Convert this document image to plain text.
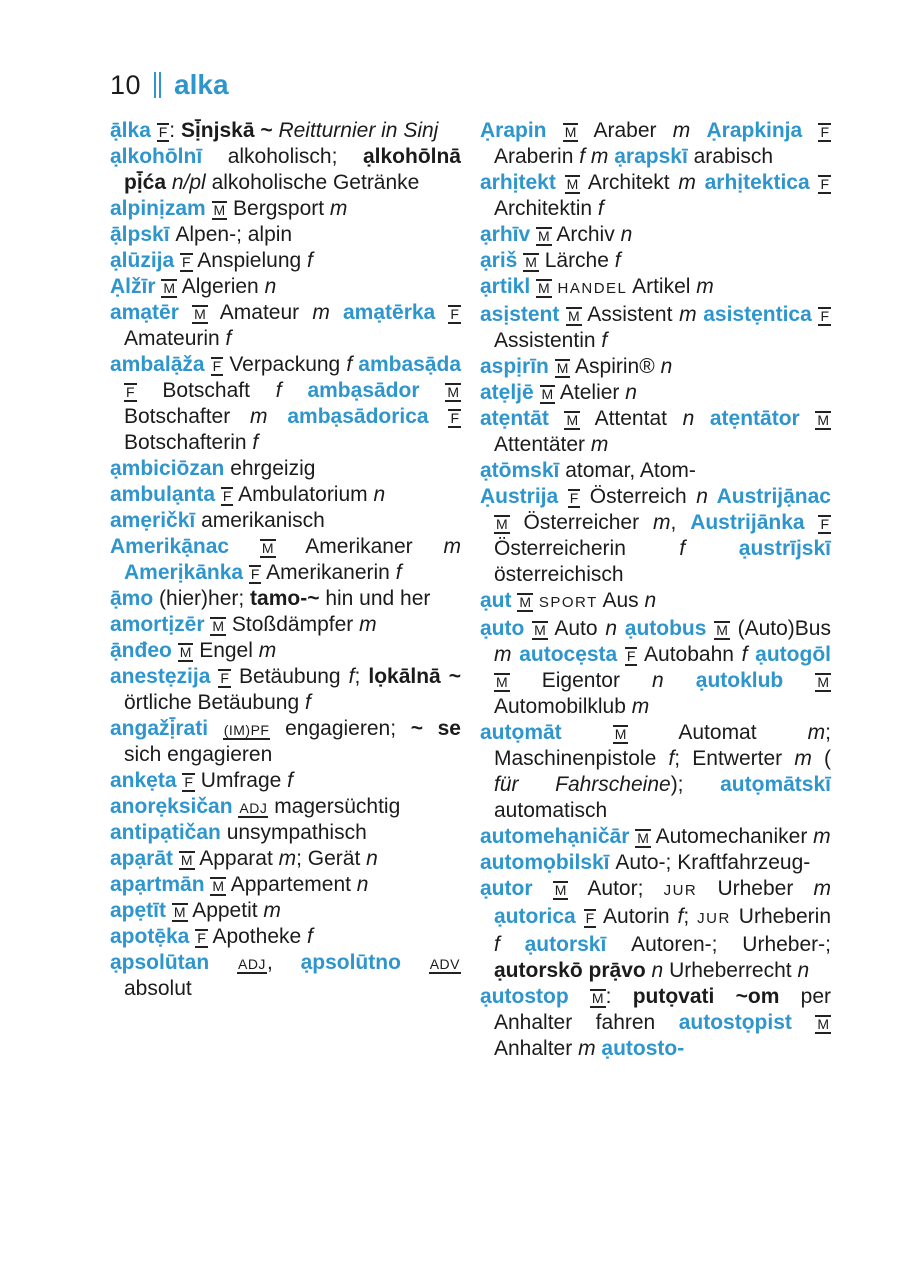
10 alka

ạ̄lka F: Sị̄njskā ~ Reitturnier in Sinj

ạlkohōlnī alkoholisch; ạlkohōlnā pị̄ća n/pl alkoholische Getränke

alpinịzam M Bergsport m

ạ̄lpskī Alpen-; alpin

ạlūzija F Anspielung f

Ạlžīr M Algerien n

amạtēr M Amateur m amạtērka F Amateurin f

ambalạ̄ža F Verpackung f ambasạ̄da F Botschaft f ambạsādor M Botschafter m ambạsādorica F Botschafterin f

ạmbiciōzan ehrgeizig

ambulạnta F Ambulatorium n

amẹričkī amerikanisch

Amerikạ̄nac M Amerikaner m Amerịkānka F Amerikanerin f

ạ̄mo (hier)her; tamo-~ hin und her

amortịzēr M Stoßdämpfer m

ạ̄nđeo M Engel m

anestẹzija F Betäubung f; lọkālnā ~ örtliche Betäubung f

angažị̄rati (IM)PF engagieren; ~ se sich engagieren

ankẹta F Umfrage f

anorẹksičan ADJ magersüchtig

antipạtičan unsympathisch

apạrāt M Apparat m; Gerät n

apạrtmān M Appartement n

apẹtīt M Appetit m

apotẹ̄ka F Apotheke f

ạpsolūtan ADJ, ạpsolūtno ADV absolut

Ạrapin M Araber m Ạrapkinja F Araberin f m ạrapskī arabisch

arhịtekt M Architekt m arhịtektica F Architektin f

ạrhīv M Archiv n

ạriš M Lärche f

ạrtikl M HANDEL Artikel m

asịstent M Assistent m asistẹntica F Assistentin f

aspịrīn M Aspirin® n

atẹljē M Atelier n

atẹntāt M Attentat n atẹntātor M Attentäter m

ạtōmskī atomar, Atom-

Ạustrija F Österreich n Austrijạ̄nac M Österreicher m, Austrijānka F Österreicherin f ạustrījskī österreichisch

ạut M SPORT Aus n

ạuto M Auto n ạutobus M (Auto)Bus m autocẹsta F Autobahn f ạutogōl M Eigentor n ạutoklub M Automobilklub m

autọmāt M Automat m; Maschinenpistole f; Entwerter m ( für Fahrscheine); autọmātskī automatisch

automehạničār M Automechaniker m

automọbilskī Auto-; Kraftfahrzeug-

ạutor M Autor; JUR Urheber m ạutorica F Autorin f; JUR Urheberin f ạutorskī Autoren-; Urheber-; ạutorskō prạ̄vo n Urheberrecht n

ạutostop M: putọvati ~om per Anhalter fahren autostọpist M Anhalter m ạutosto-
